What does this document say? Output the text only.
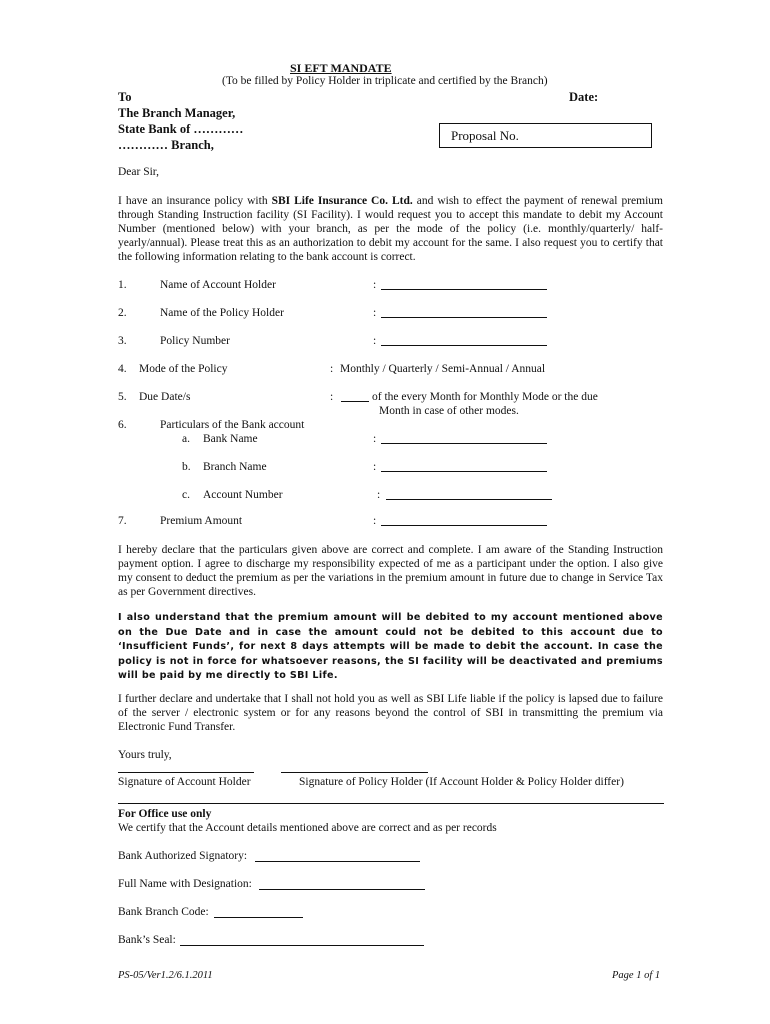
SI EFT MANDATE
(To be filled by Policy Holder in triplicate and certified by the Branch)
To	Date:
The Branch Manager,
State Bank of …………
………… Branch,
Proposal No.
Dear Sir,
I have an insurance policy with SBI Life Insurance Co. Ltd. and wish to effect the payment of renewal premium through Standing Instruction facility (SI Facility). I would request you to accept this mandate to debit my Account Number (mentioned below) with your branch, as per the mode of the policy (i.e. monthly/quarterly/ half-yearly/annual). Please treat this as an authorization to debit my account for the same. I also request you to certify that the following information relating to the bank account is correct.
1.	Name of Account Holder	:
2.	Name of the Policy Holder	:
3.	Policy Number	:
4. Mode of the Policy	: Monthly / Quarterly / Semi-Annual / Annual
5. Due Date/s	:	of the every Month for Monthly Mode or the due
Month in case of other modes.
6.	Particulars of the Bank account
a. Bank Name	:
b. Branch Name	:
c. Account Number	:
7.	Premium Amount	:
I hereby declare that the particulars given above are correct and complete. I am aware of the Standing Instruction payment option. I agree to discharge my responsibility expected of me as a participant under the option. I also give my consent to deduct the premium as per the variations in the premium amount in future due to change in Service Tax as per Government directives.
I also understand that the premium amount will be debited to my account mentioned above on the Due Date and in case the amount could not be debited to this account due to ‘Insufficient Funds’, for next 8 days attempts will be made to debit the account. In case the policy is not in force for whatsoever reasons, the SI facility will be deactivated and premiums will be paid by me directly to SBI Life.
I further declare and undertake that I shall not hold you as well as SBI Life liable if the policy is lapsed due to failure of the server / electronic system or for any reasons beyond the control of SBI in transmitting the premium via Electronic Fund Transfer.
Yours truly,
Signature of Account Holder	Signature of Policy Holder (If Account Holder & Policy Holder differ)
For Office use only
We certify that the Account details mentioned above are correct and as per records
Bank Authorized Signatory:
Full Name with Designation:
Bank Branch Code:
Bank’s Seal:
PS-05/Ver1.2/6.1.2011	Page 1 of 1
